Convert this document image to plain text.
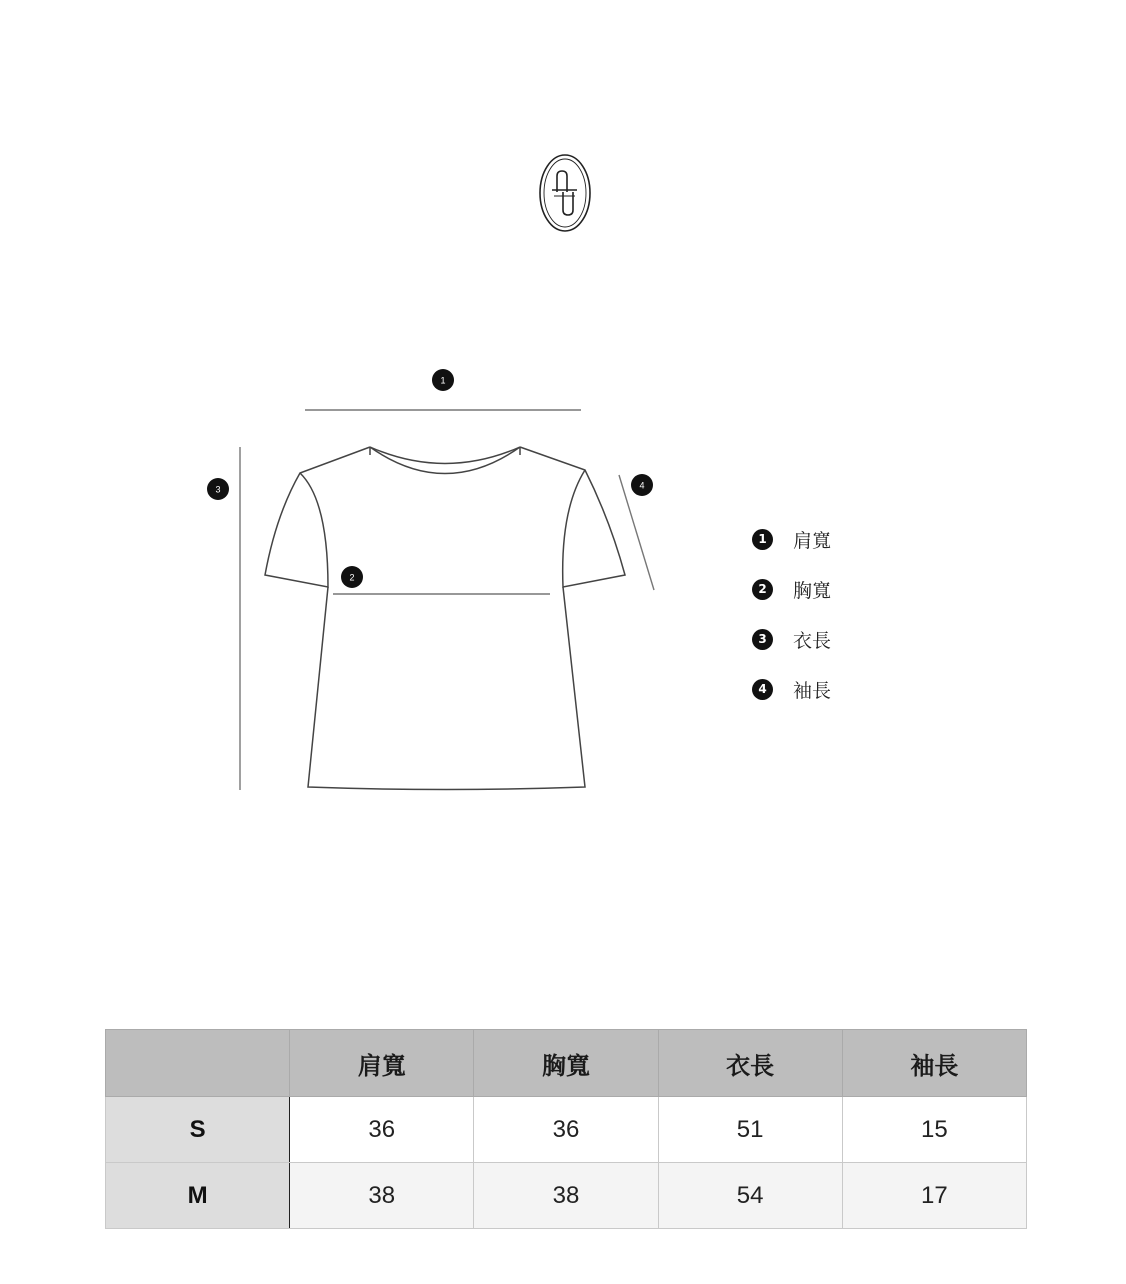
1
2
3	4
1	肩寬
2	胸寬
3	衣長
4	袖長
	肩寬	胸寬	衣長	袖長
S	36	36	51	15
M	38	38	54	17
